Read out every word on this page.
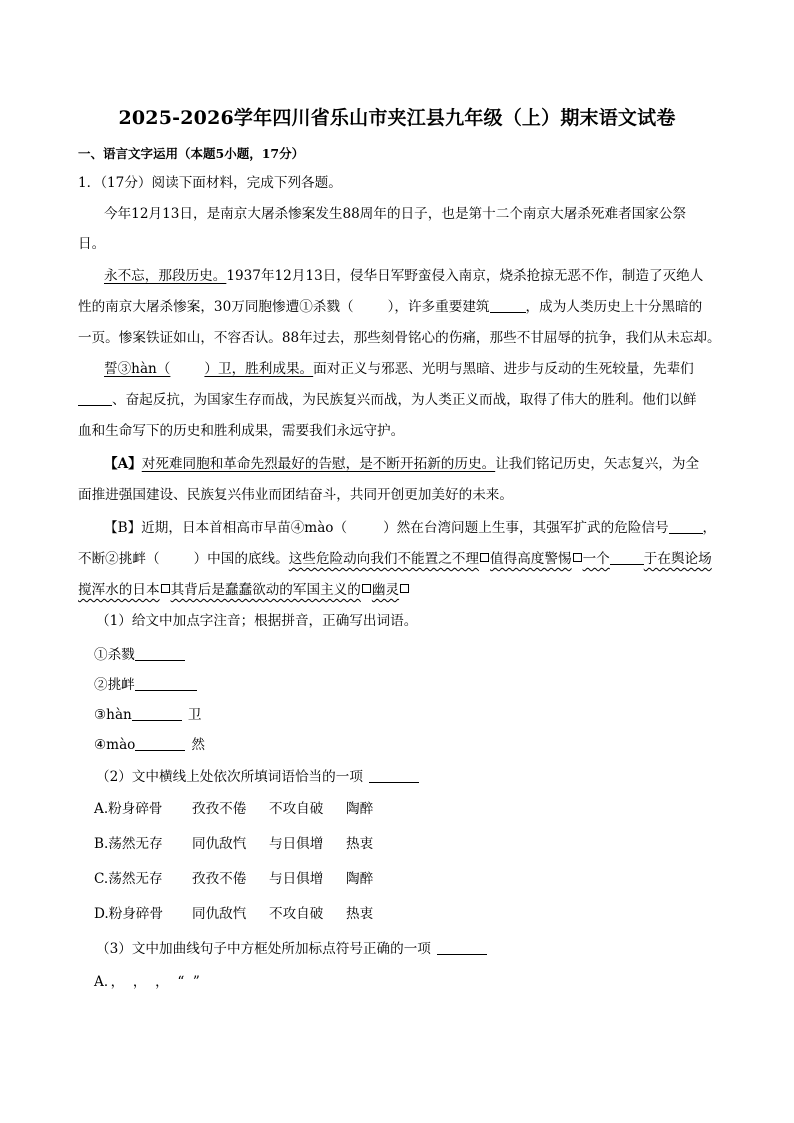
2025-2026学年四川省乐山市夹江县九年级（上）期末语文试卷
一、语言文字运用（本题5小题，17分）
1．（17分）阅读下面材料，完成下列各题。
今年12月13日，是南京大屠杀惨案发生88周年的日子，也是第十二个南京大屠杀死难者国家公祭
日。
永不忘，那段历史。1937年12月13日，侵华日军野蛮侵入南京，烧杀抢掠无恶不作，制造了灭绝人
性的南京大屠杀惨案，30万同胞惨遭①杀戮（	），许多重要建筑	，成为人类历史上十分黑暗的
一页。惨案铁证如山，不容否认。88年过去，那些刻骨铭心的伤痛，那些不甘屈辱的抗争，我们从未忘却。
誓③hàn（	）卫，胜利成果。面对正义与邪恶、光明与黑暗、进步与反动的生死较量，先辈们
、奋起反抗，为国家生存而战，为民族复兴而战，为人类正义而战，取得了伟大的胜利。他们以鲜
血和生命写下的历史和胜利成果，需要我们永远守护。
【A】对死难同胞和革命先烈最好的告慰，是不断开拓新的历史。让我们铭记历史，矢志复兴，为全
面推进强国建设、民族复兴伟业而团结奋斗，共同开创更加美好的未来。
【B】近期，日本首相高市早苗④mào（	）然在台湾问题上生事，其强军扩武的危险信号	，
不断②挑衅（	）中国的底线。这些危险动向我们不能置之不理 值得高度警惕 一个	于在舆论场
搅浑水的日本 其背后是蠢蠢欲动的军国主义的 幽灵
（1）给文中加点字注音；根据拼音，正确写出词语。
①杀戮
②挑衅
③hàn	卫
④mào	然
（2）文中横线上处依次所填词语恰当的一项
A.粉身碎骨 孜孜不倦 不攻自破 陶醉
B.荡然无存 同仇敌忾 与日俱增 热衷
C.荡然无存 孜孜不倦 与日俱增 陶醉
D.粉身碎骨 同仇敌忾 不攻自破 热衷
（3）文中加曲线句子中方框处所加标点符号正确的一项
A．，  ，  ，  “  ”
